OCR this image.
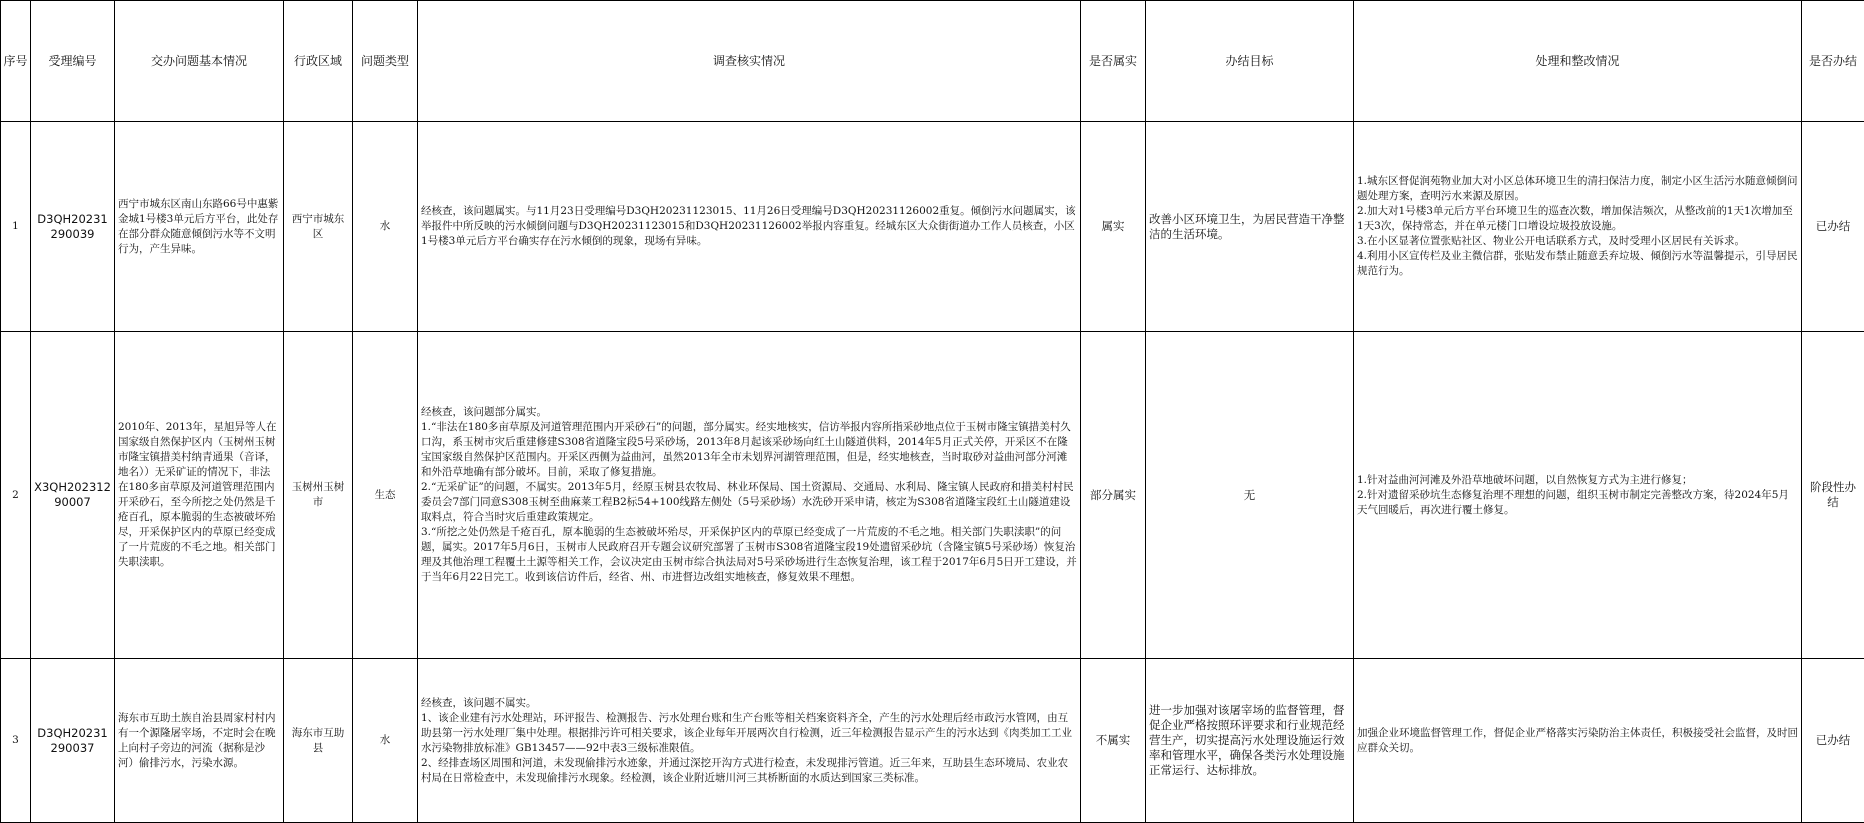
序号	受理编号	交办问题基本情况	行政区域	问题类型	调查核实情况	是否属实	办结目标	处理和整改情况	是否办结	
1	D3QH20231290039	西宁市城东区南山东路66号中惠紫金城1号楼3单元后方平台，此处存在部分群众随意倾倒污水等不文明行为，产生异味。	西宁市城东区	水	经核查，该问题属实。与11月23日受理编号D3QH20231123015、11月26日受理编号D3QH20231126002重复。倾倒污水问题属实，该举报件中所反映的污水倾倒问题与D3QH20231123015和D3QH20231126002举报内容重复。经城东区大众街街道办工作人员核查，小区1号楼3单元后方平台确实存在污水倾倒的现象，现场有异味。	属实	改善小区环境卫生，为居民营造干净整洁的生活环境。	1.城东区督促润苑物业加大对小区总体环境卫生的清扫保洁力度，制定小区生活污水随意倾倒问题处理方案，查明污水来源及原因。
2.加大对1号楼3单元后方平台环境卫生的巡查次数，增加保洁频次，从整改前的1天1次增加至1天3次，保持常态，并在单元楼门口增设垃圾投放设施。
3.在小区显著位置张贴社区、物业公开电话联系方式，及时受理小区居民有关诉求。
4.利用小区宣传栏及业主微信群，张贴发布禁止随意丢弃垃圾、倾倒污水等温馨提示，引导居民规范行为。	已办结	
2	X3QH20231290007	2010年、2013年，星旭异等人在国家级自然保护区内（玉树州玉树市隆宝镇措美村纳青通果（音译，地名））无采矿证的情况下，非法在180多亩草原及河道管理范围内开采砂石，至今所挖之处仍然是千疮百孔，原本脆弱的生态被破坏殆尽，开采保护区内的草原已经变成了一片荒废的不毛之地。相关部门失职渎职。	玉树州玉树市	生态	经核查，该问题部分属实。
1.“非法在180多亩草原及河道管理范围内开采砂石”的问题，部分属实。经实地核实，信访举报内容所指采砂地点位于玉树市隆宝镇措美村久口沟，系玉树市灾后重建修建S308省道隆宝段5号采砂场，2013年8月起该采砂场向红土山隧道供料，2014年5月正式关停，开采区不在隆宝国家级自然保护区范围内。开采区西侧为益曲河，虽然2013年全市未划界河湖管理范围，但是，经实地核查，当时取砂对益曲河部分河滩和外沿草地确有部分破坏。目前，采取了修复措施。
2.“无采矿证”的问题，不属实。2013年5月，经原玉树县农牧局、林业环保局、国土资源局、交通局、水利局、隆宝镇人民政府和措美村村民委员会7部门同意S308玉树至曲麻莱工程B2标54+100线路左侧处（5号采砂场）水洗砂开采申请，核定为S308省道隆宝段红土山隧道建设取料点，符合当时灾后重建政策规定。
3.“所挖之处仍然是千疮百孔，原本脆弱的生态被破坏殆尽，开采保护区内的草原已经变成了一片荒废的不毛之地。相关部门失职渎职”的问题，属实。2017年5月6日，玉树市人民政府召开专题会议研究部署了玉树市S308省道隆宝段19处遗留采砂坑（含隆宝镇5号采砂场）恢复治理及其他治理工程覆土土源等相关工作，会议决定由玉树市综合执法局对5号采砂场进行生态恢复治理，该工程于2017年6月5日开工建设，并于当年6月22日完工。收到该信访件后，经省、州、市进督边改组实地核查，修复效果不理想。	部分属实	无	1.针对益曲河河滩及外沿草地破坏问题，以自然恢复方式为主进行修复；
2.针对遗留采砂坑生态修复治理不理想的问题，组织玉树市制定完善整改方案，待2024年5月天气回暖后，再次进行覆土修复。	阶段性办结	
3	D3QH20231290037	海东市互助土族自治县周家村村内有一个源隆屠宰场，不定时会在晚上向村子旁边的河流（据称是沙河）偷排污水，污染水源。	海东市互助县	水	经核查，该问题不属实。
1、该企业建有污水处理站，环评报告、检测报告、污水处理台账和生产台账等相关档案资料齐全，产生的污水处理后经市政污水管网，由互助县第一污水处理厂集中处理。根据排污许可相关要求，该企业每年开展两次自行检测，近三年检测报告显示产生的污水达到《肉类加工工业水污染物排放标准》GB13457——92中表3三级标准限值。
2、经排查场区周围和河道，未发现偷排污水迹象，并通过深挖开沟方式进行检查，未发现排污管道。近三年来，互助县生态环境局、农业农村局在日常检查中，未发现偷排污水现象。经检测，该企业附近塘川河三其桥断面的水质达到国家三类标准。	不属实	进一步加强对该屠宰场的监督管理，督促企业严格按照环评要求和行业规范经营生产，切实提高污水处理设施运行效率和管理水平，确保各类污水处理设施正常运行、达标排放。	加强企业环境监督管理工作，督促企业严格落实污染防治主体责任，积极接受社会监督，及时回应群众关切。	已办结	
